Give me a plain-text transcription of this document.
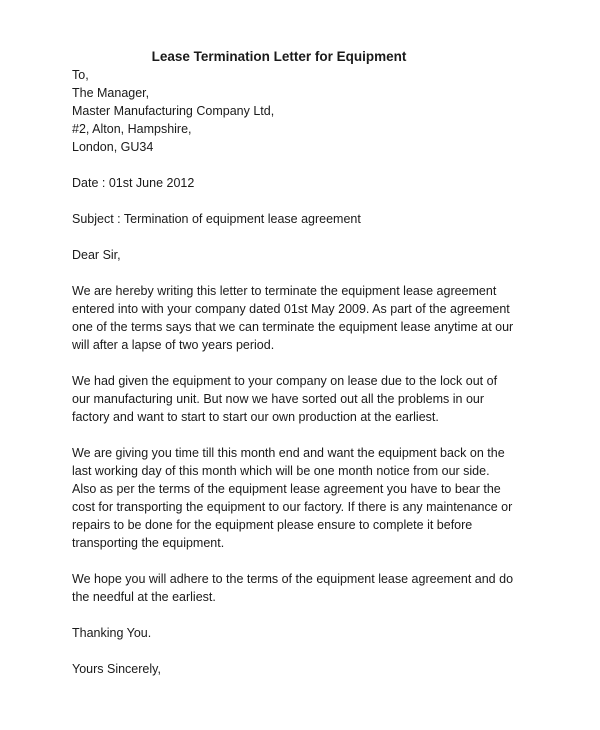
Lease Termination Letter for Equipment
To,
The Manager,
Master Manufacturing Company Ltd,
#2, Alton, Hampshire,
London, GU34
Date : 01st June 2012
Subject : Termination of equipment lease agreement
Dear Sir,
We are hereby writing this letter to terminate the equipment lease agreement
entered into with your company dated 01st May 2009. As part of the agreement
one of the terms says that we can terminate the equipment lease anytime at our
will after a lapse of two years period.
We had given the equipment to your company on lease due to the lock out of
our manufacturing unit. But now we have sorted out all the problems in our
factory and want to start to start our own production at the earliest.
We are giving you time till this month end and want the equipment back on the
last working day of this month which will be one month notice from our side.
Also as per the terms of the equipment lease agreement you have to bear the
cost for transporting the equipment to our factory. If there is any maintenance or
repairs to be done for the equipment please ensure to complete it before
transporting the equipment.
We hope you will adhere to the terms of the equipment lease agreement and do
the needful at the earliest.
Thanking You.
Yours Sincerely,
